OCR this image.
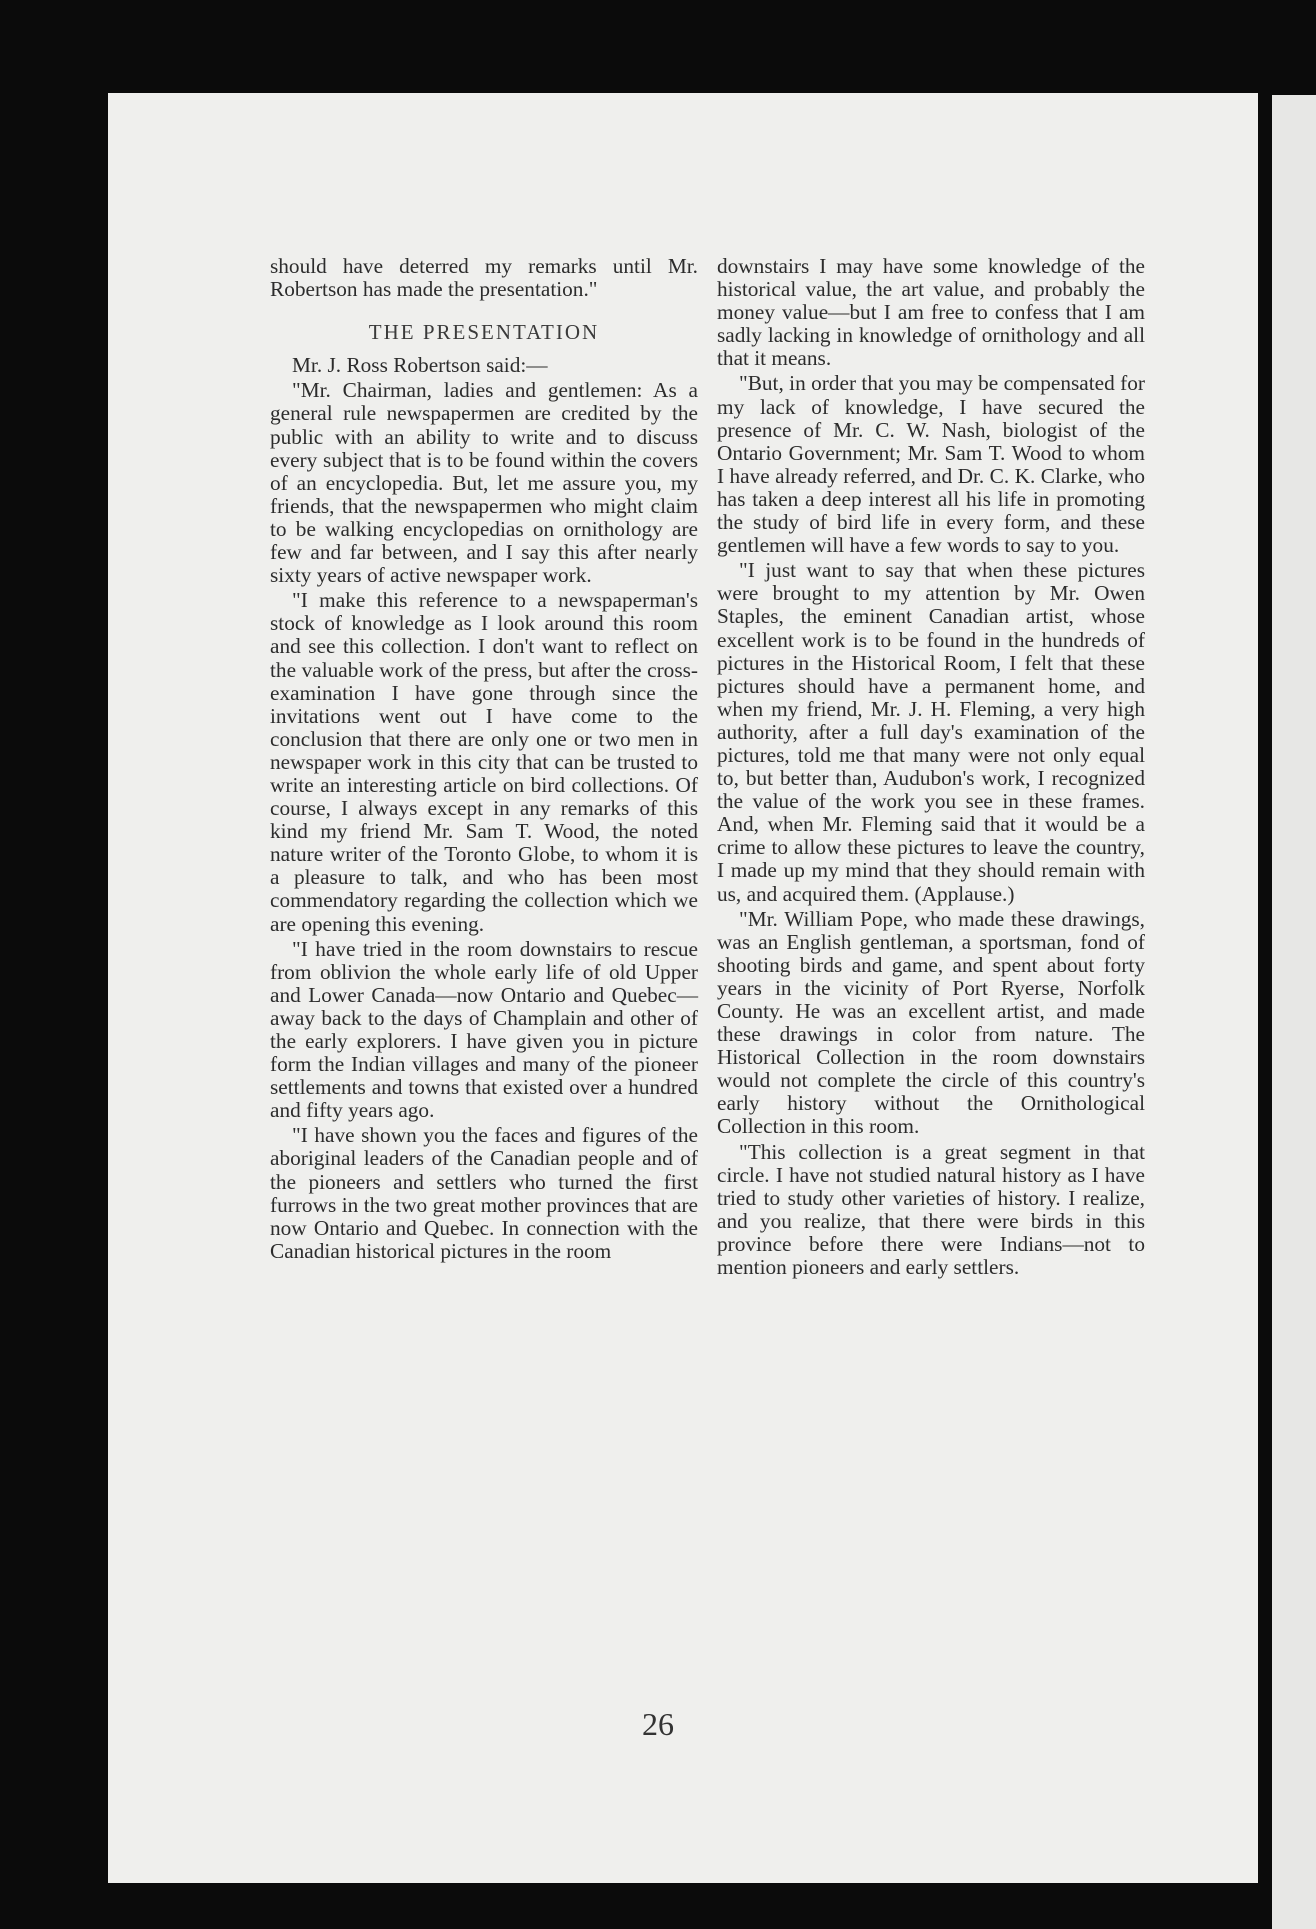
should have deterred my remarks until Mr. Robertson has made the presentation."

THE PRESENTATION

Mr. J. Ross Robertson said:—

"Mr. Chairman, ladies and gentlemen: As a general rule newspapermen are credited by the public with an ability to write and to discuss every subject that is to be found within the covers of an encyclopedia. But, let me assure you, my friends, that the newspapermen who might claim to be walking encyclopedias on ornithology are few and far between, and I say this after nearly sixty years of active newspaper work.

"I make this reference to a newspaperman's stock of knowledge as I look around this room and see this collection. I don't want to reflect on the valuable work of the press, but after the cross-examination I have gone through since the invitations went out I have come to the conclusion that there are only one or two men in newspaper work in this city that can be trusted to write an interesting article on bird collections. Of course, I always except in any remarks of this kind my friend Mr. Sam T. Wood, the noted nature writer of the Toronto Globe, to whom it is a pleasure to talk, and who has been most commendatory regarding the collection which we are opening this evening.

"I have tried in the room downstairs to rescue from oblivion the whole early life of old Upper and Lower Canada—now Ontario and Quebec—away back to the days of Champlain and other of the early explorers. I have given you in picture form the Indian villages and many of the pioneer settlements and towns that existed over a hundred and fifty years ago.

"I have shown you the faces and figures of the aboriginal leaders of the Canadian people and of the pioneers and settlers who turned the first furrows in the two great mother provinces that are now Ontario and Quebec. In connection with the Canadian historical pictures in the room

downstairs I may have some knowledge of the historical value, the art value, and probably the money value—but I am free to confess that I am sadly lacking in knowledge of ornithology and all that it means.

"But, in order that you may be compensated for my lack of knowledge, I have secured the presence of Mr. C. W. Nash, biologist of the Ontario Government; Mr. Sam T. Wood to whom I have already referred, and Dr. C. K. Clarke, who has taken a deep interest all his life in promoting the study of bird life in every form, and these gentlemen will have a few words to say to you.

"I just want to say that when these pictures were brought to my attention by Mr. Owen Staples, the eminent Canadian artist, whose excellent work is to be found in the hundreds of pictures in the Historical Room, I felt that these pictures should have a permanent home, and when my friend, Mr. J. H. Fleming, a very high authority, after a full day's examination of the pictures, told me that many were not only equal to, but better than, Audubon's work, I recognized the value of the work you see in these frames. And, when Mr. Fleming said that it would be a crime to allow these pictures to leave the country, I made up my mind that they should remain with us, and acquired them. (Applause.)

"Mr. William Pope, who made these drawings, was an English gentleman, a sportsman, fond of shooting birds and game, and spent about forty years in the vicinity of Port Ryerse, Norfolk County. He was an excellent artist, and made these drawings in color from nature. The Historical Collection in the room downstairs would not complete the circle of this country's early history without the Ornithological Collection in this room.

"This collection is a great segment in that circle. I have not studied natural history as I have tried to study other varieties of history. I realize, and you realize, that there were birds in this province before there were Indians—not to mention pioneers and early settlers.

26
